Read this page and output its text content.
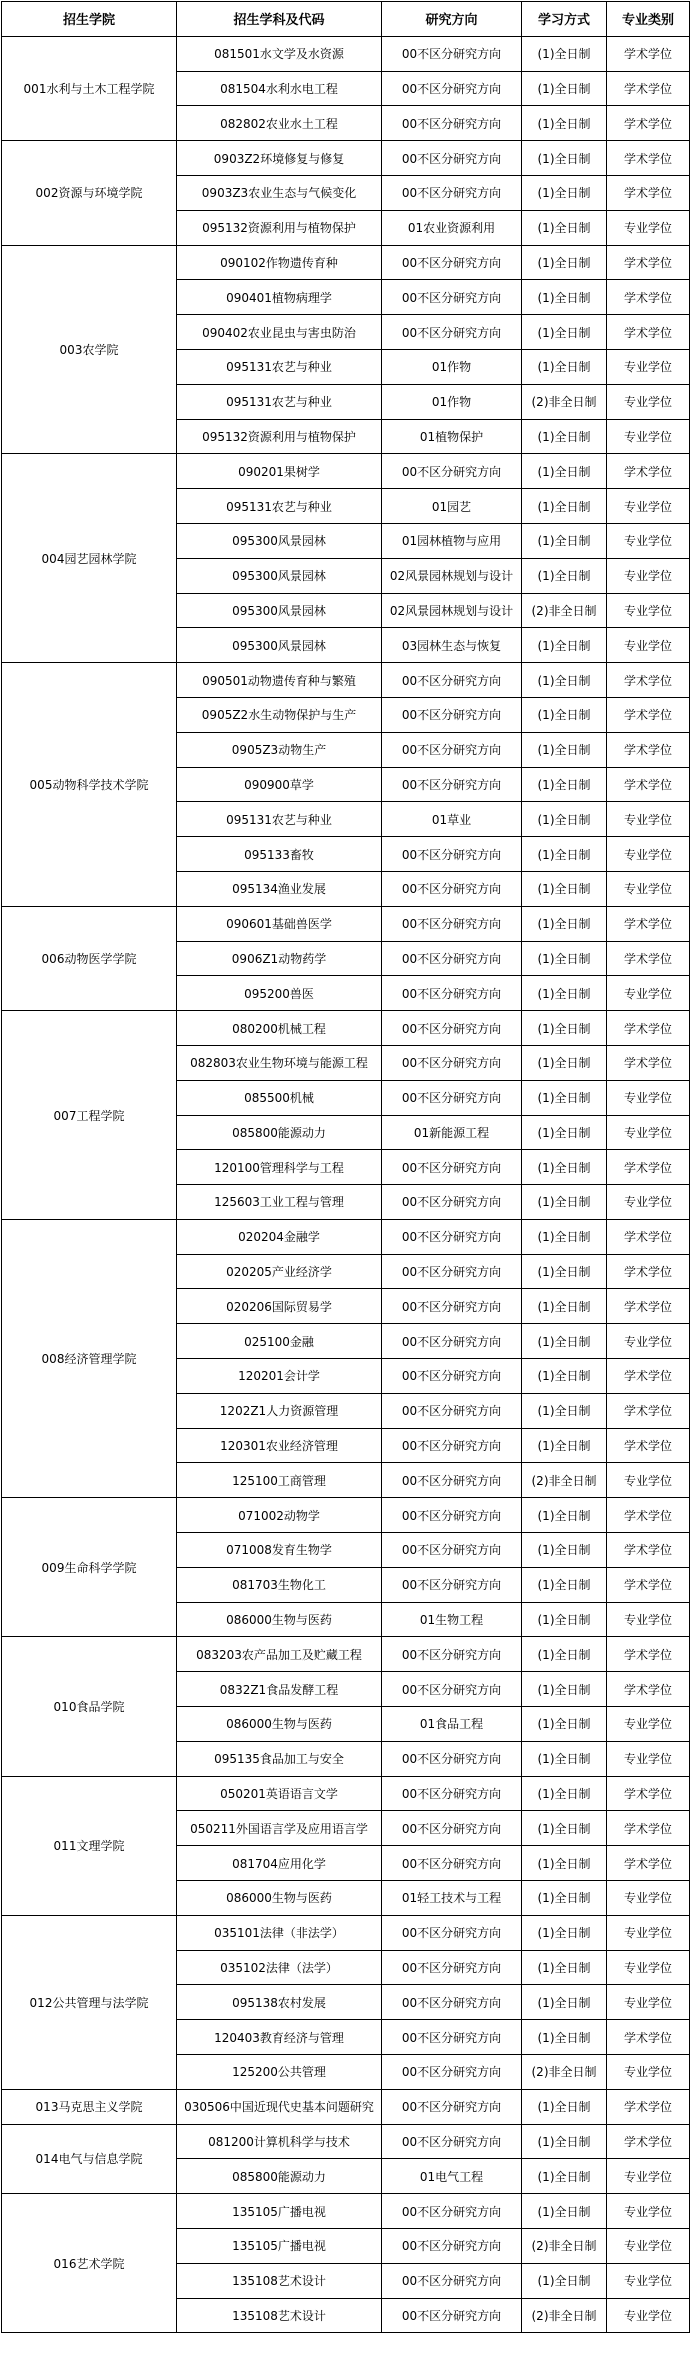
招生学院	招生学科及代码	研究方向	学习方式	专业类别
001水利与土木工程学院	081501水文学及水资源	00不区分研究方向	(1)全日制	学术学位
	081504水利水电工程	00不区分研究方向	(1)全日制	学术学位
	082802农业水土工程	00不区分研究方向	(1)全日制	学术学位
002资源与环境学院	0903Z2环境修复与修复	00不区分研究方向	(1)全日制	学术学位
	0903Z3农业生态与气候变化	00不区分研究方向	(1)全日制	学术学位
	095132资源利用与植物保护	01农业资源利用	(1)全日制	专业学位
003农学院	090102作物遗传育种	00不区分研究方向	(1)全日制	学术学位
	090401植物病理学	00不区分研究方向	(1)全日制	学术学位
	090402农业昆虫与害虫防治	00不区分研究方向	(1)全日制	学术学位
	095131农艺与种业	01作物	(1)全日制	专业学位
	095131农艺与种业	01作物	(2)非全日制	专业学位
	095132资源利用与植物保护	01植物保护	(1)全日制	专业学位
004园艺园林学院	090201果树学	00不区分研究方向	(1)全日制	学术学位
	095131农艺与种业	01园艺	(1)全日制	专业学位
	095300风景园林	01园林植物与应用	(1)全日制	专业学位
	095300风景园林	02风景园林规划与设计	(1)全日制	专业学位
	095300风景园林	02风景园林规划与设计	(2)非全日制	专业学位
	095300风景园林	03园林生态与恢复	(1)全日制	专业学位
005动物科学技术学院	090501动物遗传育种与繁殖	00不区分研究方向	(1)全日制	学术学位
	0905Z2水生动物保护与生产	00不区分研究方向	(1)全日制	学术学位
	0905Z3动物生产	00不区分研究方向	(1)全日制	学术学位
	090900草学	00不区分研究方向	(1)全日制	学术学位
	095131农艺与种业	01草业	(1)全日制	专业学位
	095133畜牧	00不区分研究方向	(1)全日制	专业学位
	095134渔业发展	00不区分研究方向	(1)全日制	专业学位
006动物医学学院	090601基础兽医学	00不区分研究方向	(1)全日制	学术学位
	0906Z1动物药学	00不区分研究方向	(1)全日制	学术学位
	095200兽医	00不区分研究方向	(1)全日制	专业学位
007工程学院	080200机械工程	00不区分研究方向	(1)全日制	学术学位
	082803农业生物环境与能源工程	00不区分研究方向	(1)全日制	学术学位
	085500机械	00不区分研究方向	(1)全日制	专业学位
	085800能源动力	01新能源工程	(1)全日制	专业学位
	120100管理科学与工程	00不区分研究方向	(1)全日制	学术学位
	125603工业工程与管理	00不区分研究方向	(1)全日制	专业学位
008经济管理学院	020204金融学	00不区分研究方向	(1)全日制	学术学位
	020205产业经济学	00不区分研究方向	(1)全日制	学术学位
	020206国际贸易学	00不区分研究方向	(1)全日制	学术学位
	025100金融	00不区分研究方向	(1)全日制	专业学位
	120201会计学	00不区分研究方向	(1)全日制	学术学位
	1202Z1人力资源管理	00不区分研究方向	(1)全日制	学术学位
	120301农业经济管理	00不区分研究方向	(1)全日制	学术学位
	125100工商管理	00不区分研究方向	(2)非全日制	专业学位
009生命科学学院	071002动物学	00不区分研究方向	(1)全日制	学术学位
	071008发育生物学	00不区分研究方向	(1)全日制	学术学位
	081703生物化工	00不区分研究方向	(1)全日制	学术学位
	086000生物与医药	01生物工程	(1)全日制	专业学位
010食品学院	083203农产品加工及贮藏工程	00不区分研究方向	(1)全日制	学术学位
	0832Z1食品发酵工程	00不区分研究方向	(1)全日制	学术学位
	086000生物与医药	01食品工程	(1)全日制	专业学位
	095135食品加工与安全	00不区分研究方向	(1)全日制	专业学位
011文理学院	050201英语语言文学	00不区分研究方向	(1)全日制	学术学位
	050211外国语言学及应用语言学	00不区分研究方向	(1)全日制	学术学位
	081704应用化学	00不区分研究方向	(1)全日制	学术学位
	086000生物与医药	01轻工技术与工程	(1)全日制	专业学位
012公共管理与法学院	035101法律（非法学）	00不区分研究方向	(1)全日制	专业学位
	035102法律（法学）	00不区分研究方向	(1)全日制	专业学位
	095138农村发展	00不区分研究方向	(1)全日制	专业学位
	120403教育经济与管理	00不区分研究方向	(1)全日制	学术学位
	125200公共管理	00不区分研究方向	(2)非全日制	专业学位
013马克思主义学院	030506中国近现代史基本问题研究	00不区分研究方向	(1)全日制	学术学位
014电气与信息学院	081200计算机科学与技术	00不区分研究方向	(1)全日制	学术学位
	085800能源动力	01电气工程	(1)全日制	专业学位
016艺术学院	135105广播电视	00不区分研究方向	(1)全日制	专业学位
	135105广播电视	00不区分研究方向	(2)非全日制	专业学位
	135108艺术设计	00不区分研究方向	(1)全日制	专业学位
	135108艺术设计	00不区分研究方向	(2)非全日制	专业学位
